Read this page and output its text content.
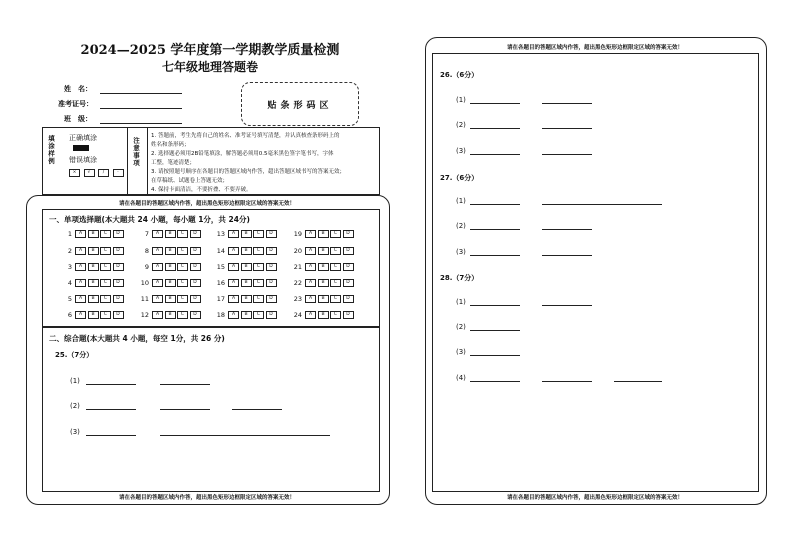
2024—2025 学年度第一学期教学质量检测
七年级地理答题卷
姓　名：
准考证号：
班　级：
贴条形码区
填涂样例 正确填涂
错误填涂
×	√	/	·
注意事项
1. 答题前，考生先将自己的姓名、准考证号填写清楚，并认真核查条形码上的
姓名和条形码；
2. 选择题必须用2B铅笔填涂，解答题必须用0.5毫米黑色签字笔书写，字体
工整，笔迹清楚；
3. 请按照题号顺序在各题目的答题区域内作答，超出答题区域书写的答案无效；
在草稿纸、试题卷上答题无效；
4. 保持卡面清洁，不要折叠、不要弄破。
请在各题目的答题区域内作答，超出黑色矩形边框限定区域的答案无效！
一、单项选择题(本大题共 24 小题，每小题 1分，共 24分)
1	A	B	C	D
2	A	B	C	D
3	A	B	C	D
4	A	B	C	D
5	A	B	C	D
6	A	B	C	D
7	A	B	C	D
8	A	B	C	D
9	A	B	C	D
10	A	B	C	D
11	A	B	C	D
12	A	B	C	D
13	A	B	C	D
14	A	B	C	D
15	A	B	C	D
16	A	B	C	D
17	A	B	C	D
18	A	B	C	D
19	A	B	C	D
20	A	B	C	D
21	A	B	C	D
22	A	B	C	D
23	A	B	C	D
24	A	B	C	D
二、综合题(本大题共 4 小题，每空 1分，共 26 分)
25.（7分）
(1)
(2)
(3)
请在各题目的答题区域内作答，超出黑色矩形边框限定区域的答案无效！
请在各题目的答题区域内作答，超出黑色矩形边框限定区域的答案无效！
26.（6分）
(1)
(2)
(3)
27.（6分）
(1)
(2)
(3)
28.（7分）
(1)
(2)
(3)
(4)
请在各题目的答题区域内作答，超出黑色矩形边框限定区域的答案无效！
